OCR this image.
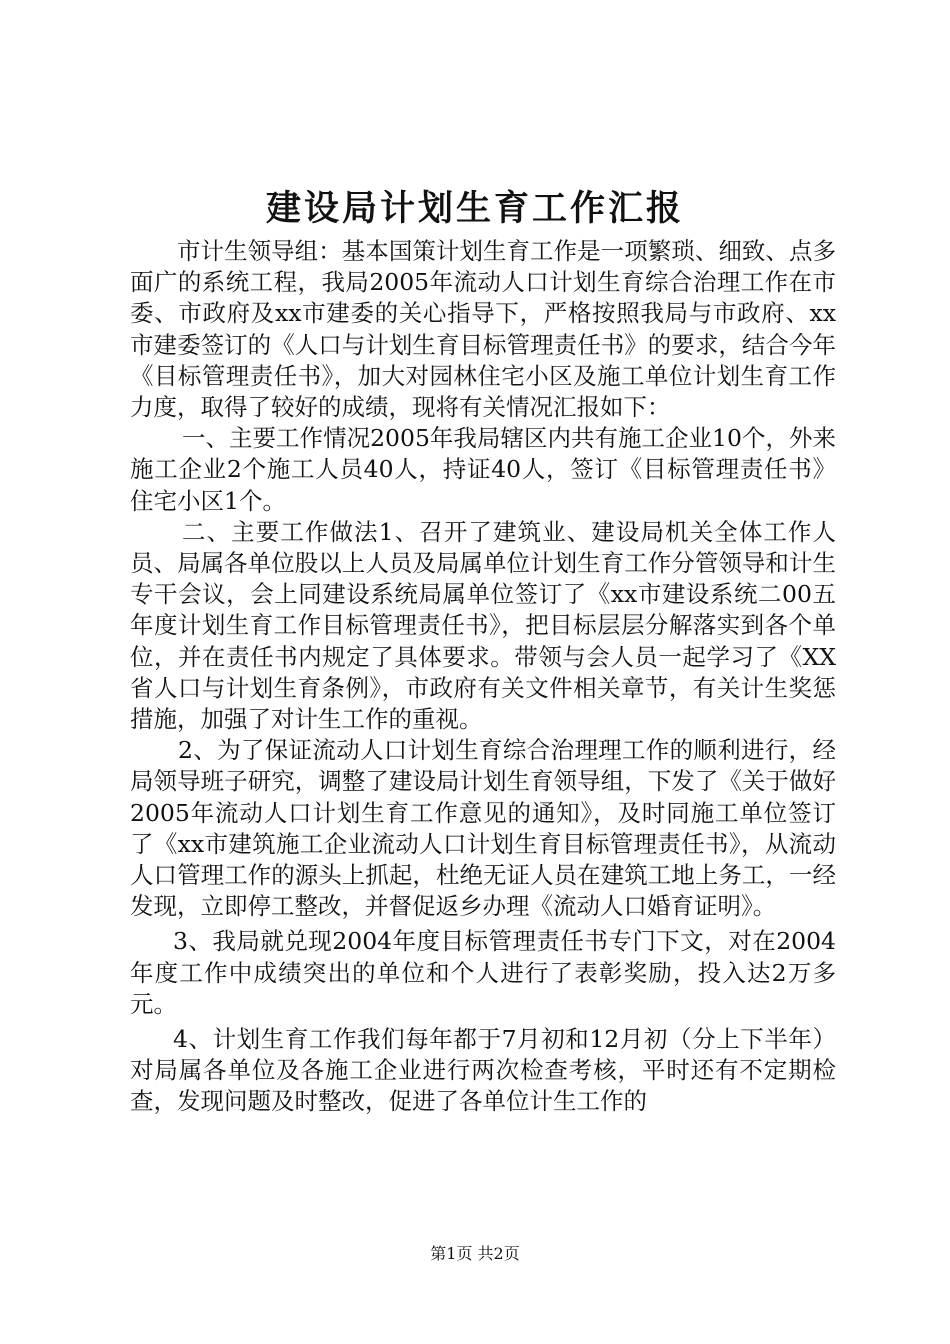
建设局计划生育工作汇报

市计生领导组：基本国策计划生育工作是一项繁琐、细致、点多面广的系统工程，我局2005年流动人口计划生育综合治理工作在市委、市政府及xx市建委的关心指导下，严格按照我局与市政府、xx市建委签订的《人口与计划生育目标管理责任书》的要求，结合今年《目标管理责任书》，加大对园林住宅小区及施工单位计划生育工作力度，取得了较好的成绩，现将有关情况汇报如下：

一、主要工作情况2005年我局辖区内共有施工企业10个，外来施工企业2个施工人员40人，持证40人，签订《目标管理责任书》住宅小区1个。

二、主要工作做法1、召开了建筑业、建设局机关全体工作人员、局属各单位股以上人员及局属单位计划生育工作分管领导和计生专干会议，会上同建设系统局属单位签订了《xx市建设系统二00五年度计划生育工作目标管理责任书》，把目标层层分解落实到各个单位，并在责任书内规定了具体要求。带领与会人员一起学习了《XX省人口与计划生育条例》，市政府有关文件相关章节，有关计生奖惩措施，加强了对计生工作的重视。

2、为了保证流动人口计划生育综合治理理工作的顺利进行，经局领导班子研究，调整了建设局计划生育领导组，下发了《关于做好2005年流动人口计划生育工作意见的通知》，及时同施工单位签订了《xx市建筑施工企业流动人口计划生育目标管理责任书》，从流动人口管理工作的源头上抓起，杜绝无证人员在建筑工地上务工，一经发现，立即停工整改，并督促返乡办理《流动人口婚育证明》。

3、我局就兑现2004年度目标管理责任书专门下文，对在2004年度工作中成绩突出的单位和个人进行了表彰奖励，投入达2万多元。

4、计划生育工作我们每年都于7月初和12月初（分上下半年）对局属各单位及各施工企业进行两次检查考核，平时还有不定期检查，发现问题及时整改，促进了各单位计生工作的

第1页 共2页
